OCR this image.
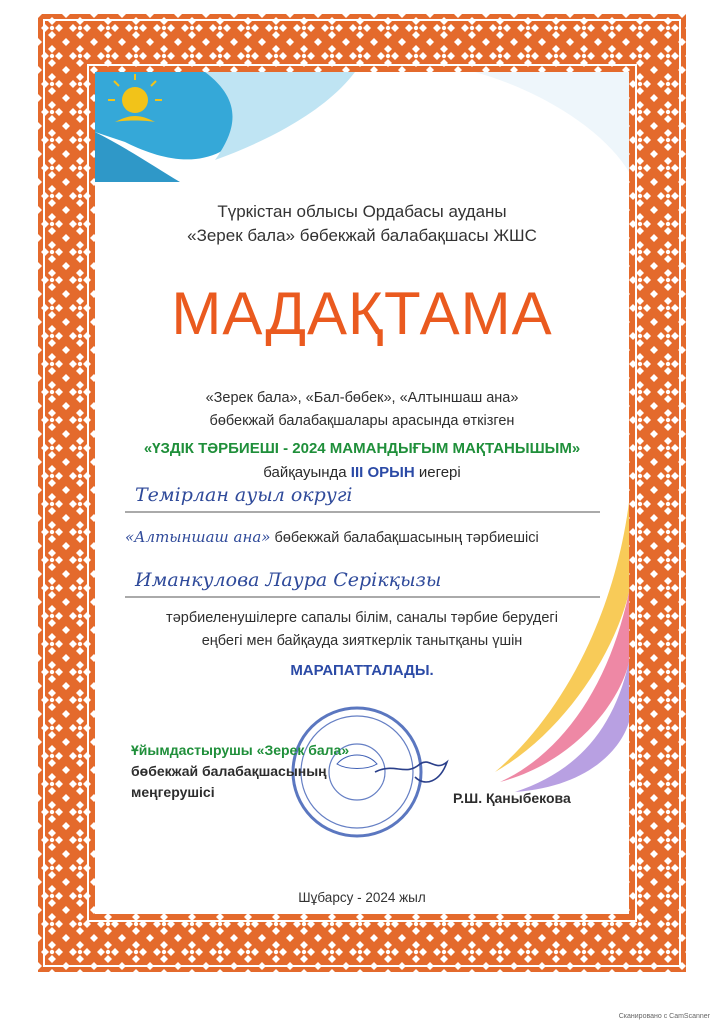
Түркістан облысы Ордабасы ауданы
«Зерек бала» бөбекжай балабақшасы ЖШС
МАДАҚТАМА
«Зерек бала», «Бал-бөбек», «Алтыншаш ана»
бөбекжай балабақшалары арасында өткізген
«ҮЗДІК ТӘРБИЕШІ - 2024 МАМАНДЫҒЫМ МАҚТАНЫШЫМ»
байқауында III ОРЫН иегері
Темірлан ауыл округі
«Алтыншаш ана» бөбекжай балабақшасының тәрбиешісі
Иманкулова Лаура Серікқызы
тәрбиеленушілерге сапалы білім, саналы тәрбие берудегі
еңбегі мен байқауда зияткерлік танытқаны үшін
МАРАПАТТАЛАДЫ.
Ұйымдастырушы «Зерек бала»
бөбекжай балабақшасының
меңгерушісі	Р.Ш. Қаныбекова
Шұбарсу - 2024 жыл
Сканировано с CamScanner
